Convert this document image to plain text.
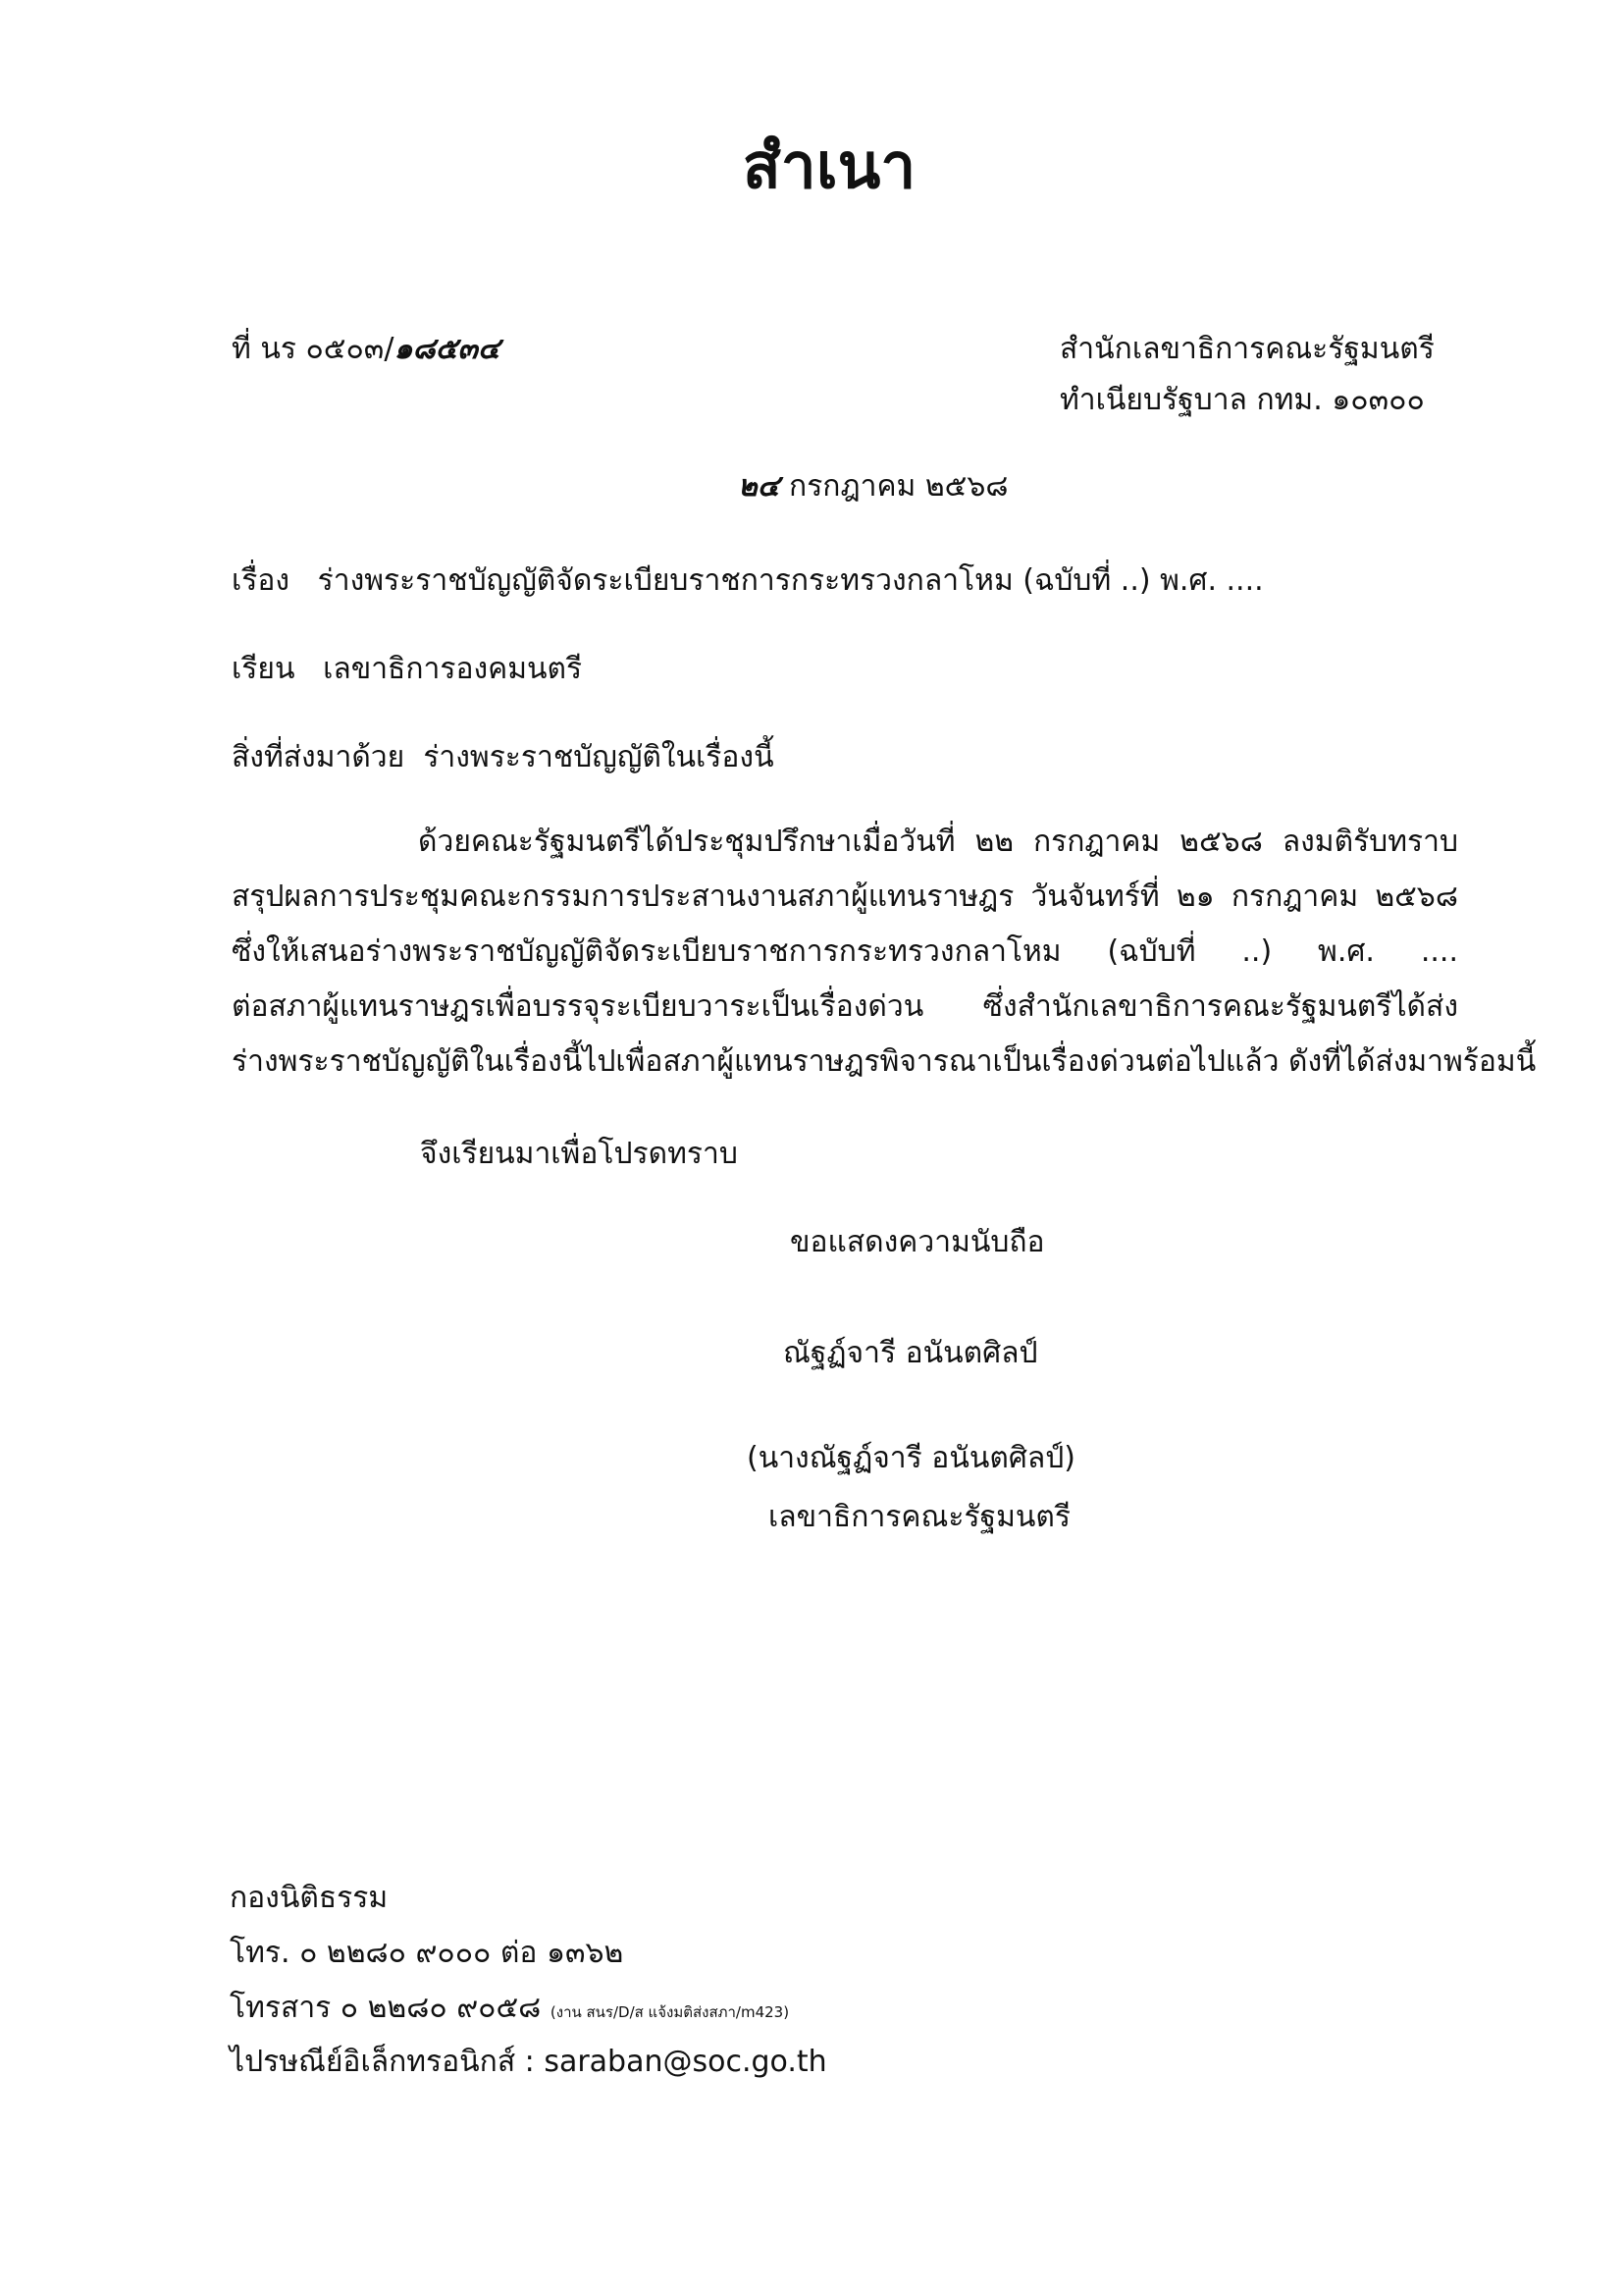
สำเนา
ที่ นร ๐๕๐๓/๑๘๕๓๔	สำนักเลขาธิการคณะรัฐมนตรี
ทำเนียบรัฐบาล กทม. ๑๐๓๐๐
๒๔ กรกฎาคม ๒๕๖๘
เรื่อง ร่างพระราชบัญญัติจัดระเบียบราชการกระทรวงกลาโหม (ฉบับที่ ..) พ.ศ. ....
เรียน เลขาธิการองคมนตรี
สิ่งที่ส่งมาด้วย ร่างพระราชบัญญัติในเรื่องนี้
ด้วยคณะรัฐมนตรีได้ประชุมปรึกษาเมื่อวันที่ ๒๒ กรกฎาคม ๒๕๖๘ ลงมติรับทราบ
สรุปผลการประชุมคณะกรรมการประสานงานสภาผู้แทนราษฎร วันจันทร์ที่ ๒๑ กรกฎาคม ๒๕๖๘
ซึ่งให้เสนอร่างพระราชบัญญัติจัดระเบียบราชการกระทรวงกลาโหม (ฉบับที่ ..) พ.ศ. ....
ต่อสภาผู้แทนราษฎรเพื่อบรรจุระเบียบวาระเป็นเรื่องด่วน ซึ่งสำนักเลขาธิการคณะรัฐมนตรีได้ส่ง
ร่างพระราชบัญญัติในเรื่องนี้ไปเพื่อสภาผู้แทนราษฎรพิจารณาเป็นเรื่องด่วนต่อไปแล้ว ดังที่ได้ส่งมาพร้อมนี้
จึงเรียนมาเพื่อโปรดทราบ
ขอแสดงความนับถือ
ณัฐฏ์จารี อนันตศิลป์
(นางณัฐฏ์จารี อนันตศิลป์)
เลขาธิการคณะรัฐมนตรี
กองนิติธรรม
โทร. ๐ ๒๒๘๐ ๙๐๐๐ ต่อ ๑๓๖๒
โทรสาร ๐ ๒๒๘๐ ๙๐๕๘ (งาน สนร/D/ส แจ้งมติส่งสภา/m423)
ไปรษณีย์อิเล็กทรอนิกส์ : saraban@soc.go.th
